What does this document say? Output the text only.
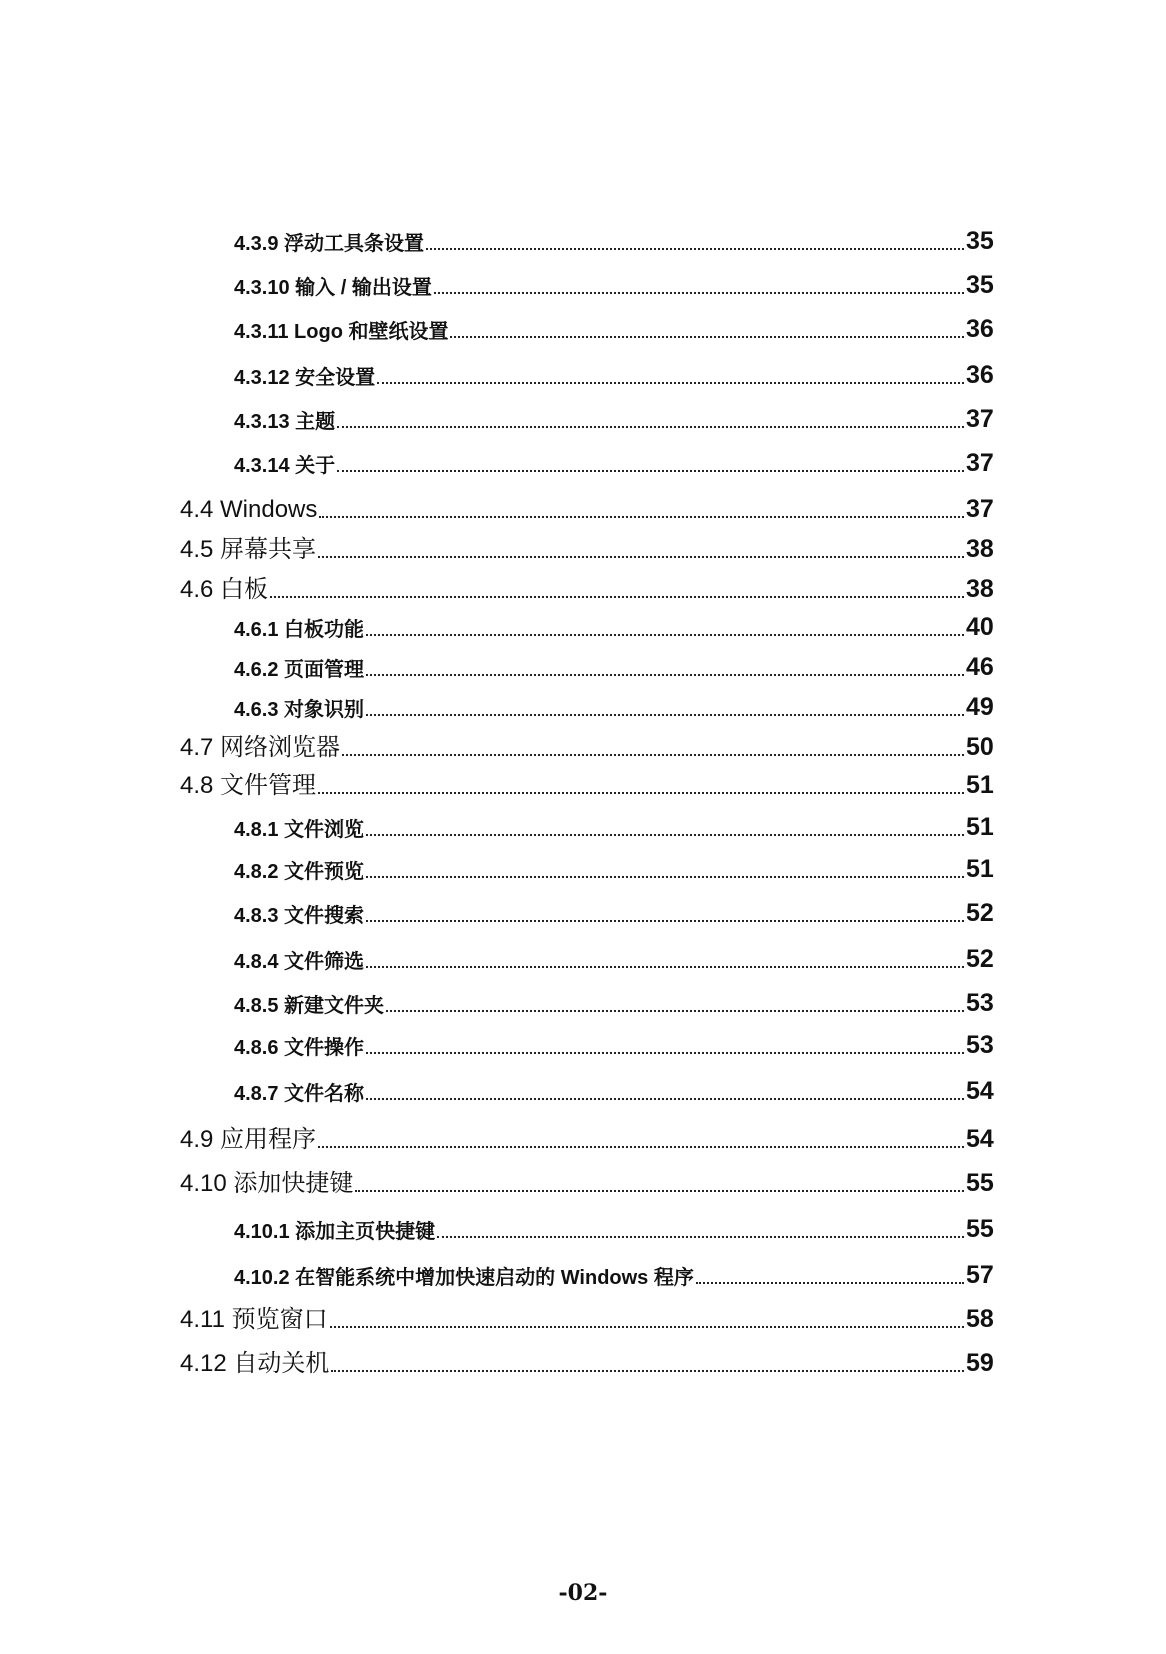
4.3.9 浮动工具条设置	35
4.3.10 输入 / 输出设置	35
4.3.11 Logo 和壁纸设置	36
4.3.12 安全设置	36
4.3.13 主题	37
4.3.14 关于	37
4.4 Windows	37
4.5 屏幕共享	38
4.6 白板	38
4.6.1 白板功能	40
4.6.2 页面管理	46
4.6.3 对象识别	49
4.7 网络浏览器	50
4.8 文件管理	51
4.8.1 文件浏览	51
4.8.2 文件预览	51
4.8.3 文件搜索	52
4.8.4 文件筛选	52
4.8.5 新建文件夹	53
4.8.6 文件操作	53
4.8.7 文件名称	54
4.9 应用程序	54
4.10 添加快捷键	55
4.10.1 添加主页快捷键	55
4.10.2 在智能系统中增加快速启动的 Windows 程序	57
4.11 预览窗口	58
4.12 自动关机	59
-02-
